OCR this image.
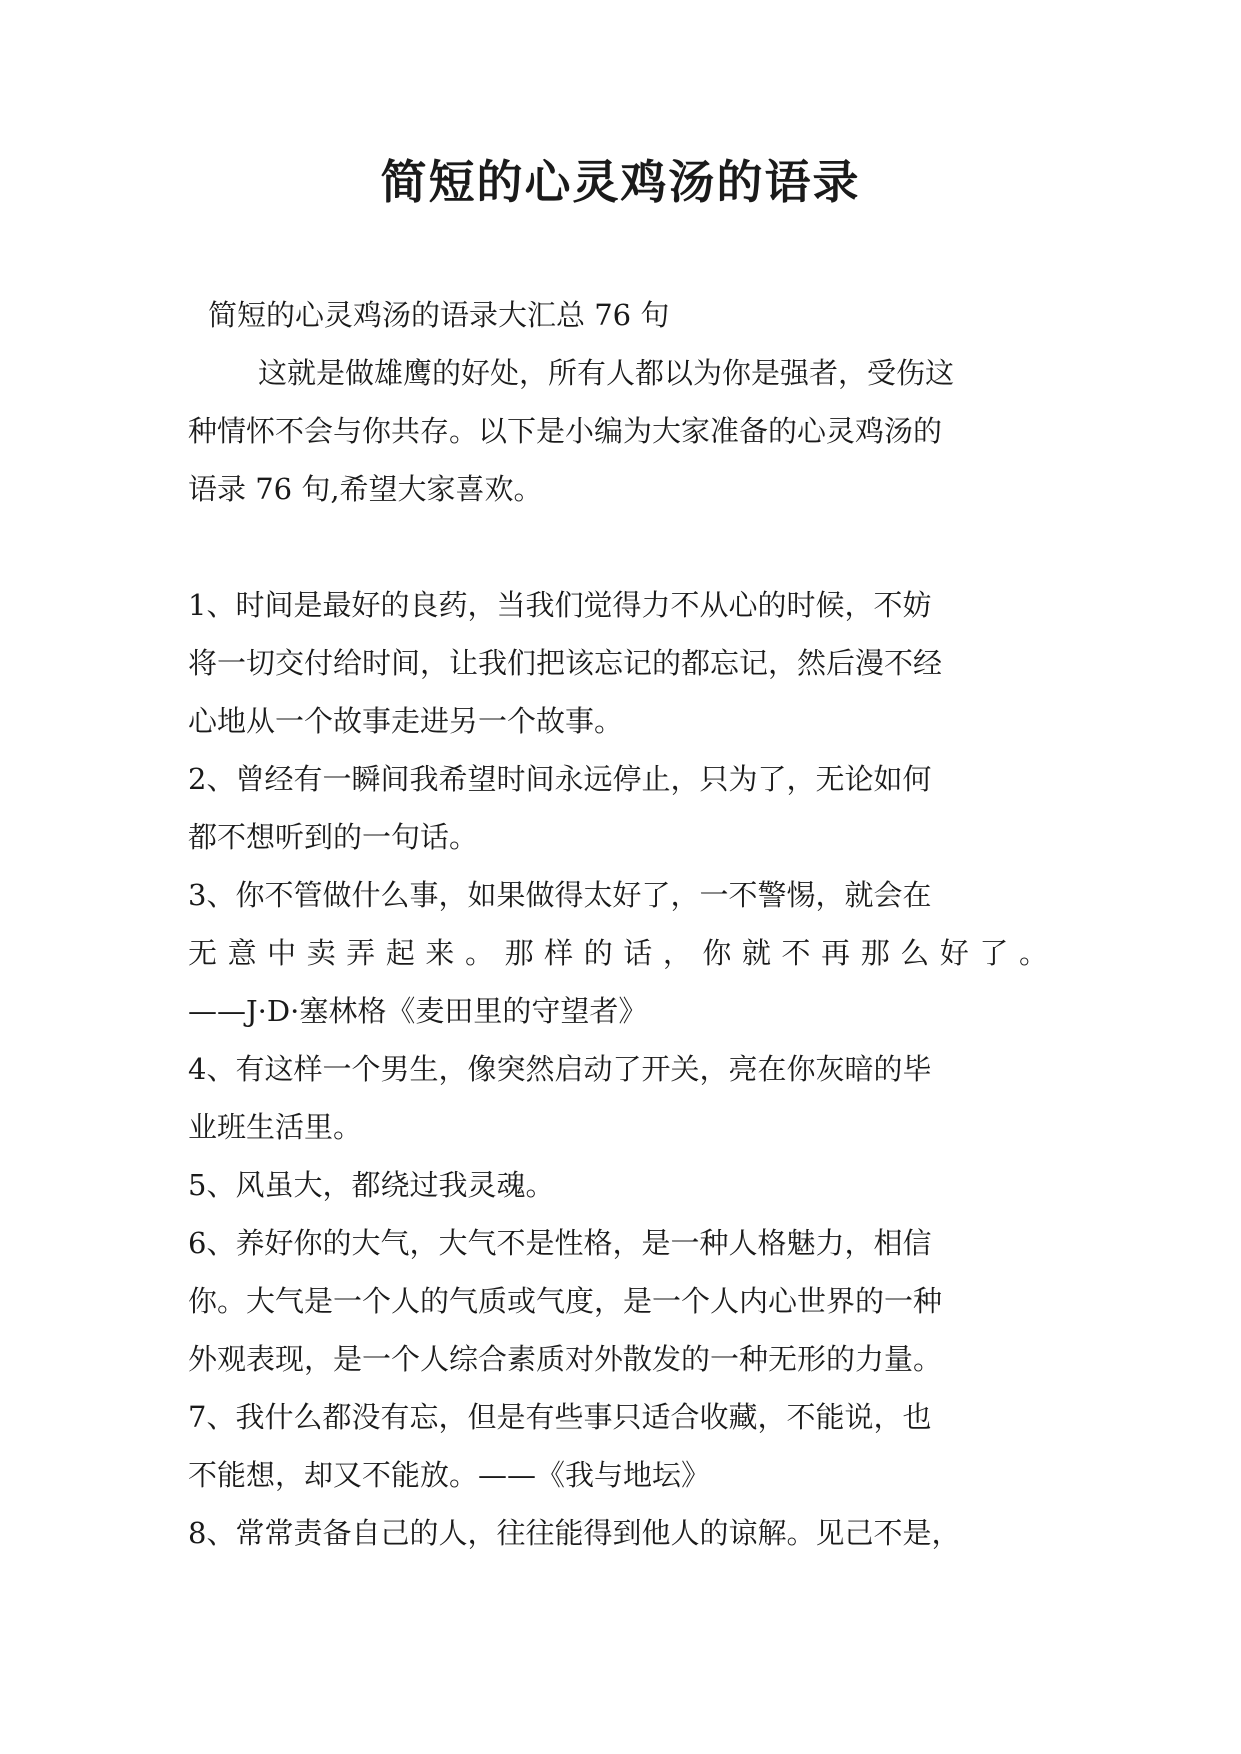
简短的心灵鸡汤的语录
简短的心灵鸡汤的语录大汇总 76 句
这就是做雄鹰的好处，所有人都以为你是强者，受伤这
种情怀不会与你共存。以下是小编为大家准备的心灵鸡汤的
语录 76 句,希望大家喜欢。
1、时间是最好的良药，当我们觉得力不从心的时候，不妨
将一切交付给时间，让我们把该忘记的都忘记，然后漫不经
心地从一个故事走进另一个故事。
2、曾经有一瞬间我希望时间永远停止，只为了，无论如何
都不想听到的一句话。
3、你不管做什么事，如果做得太好了，一不警惕，就会在
无意中卖弄起来。那样的话，你就不再那么好了。
——J·D·塞林格《麦田里的守望者》
4、有这样一个男生，像突然启动了开关，亮在你灰暗的毕
业班生活里。
5、风虽大，都绕过我灵魂。
6、养好你的大气，大气不是性格，是一种人格魅力，相信
你。大气是一个人的气质或气度，是一个人内心世界的一种
外观表现，是一个人综合素质对外散发的一种无形的力量。
7、我什么都没有忘，但是有些事只适合收藏，不能说，也
不能想，却又不能放。——《我与地坛》
8、常常责备自己的人，往往能得到他人的谅解。见己不是，
